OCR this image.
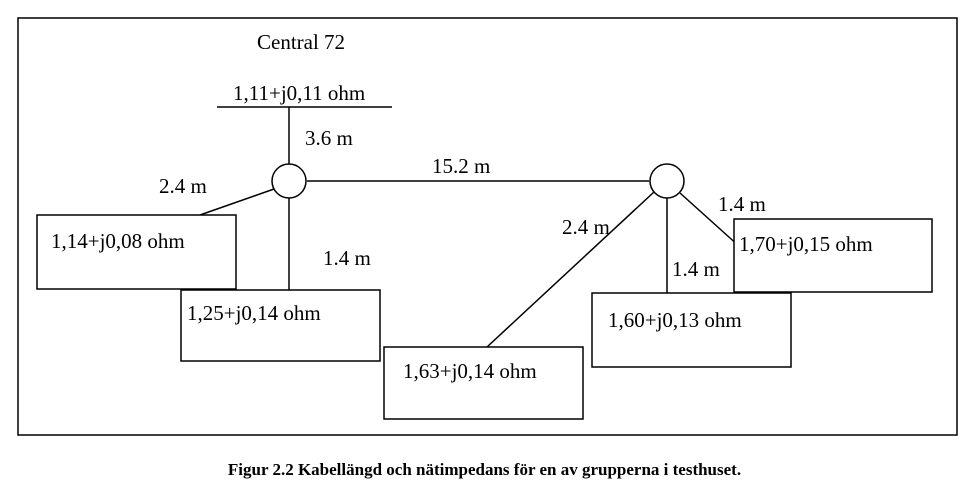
Central 72
1,11+j0,11 ohm
3.6 m
2.4 m
1.4 m
15.2 m
2.4 m
1.4 m
1.4 m
1,14+j0,08 ohm
1,25+j0,14 ohm
1,63+j0,14 ohm
1,60+j0,13 ohm
1,70+j0,15 ohm
Figur 2.2 Kabellängd och nätimpedans för en av grupperna i testhuset.
